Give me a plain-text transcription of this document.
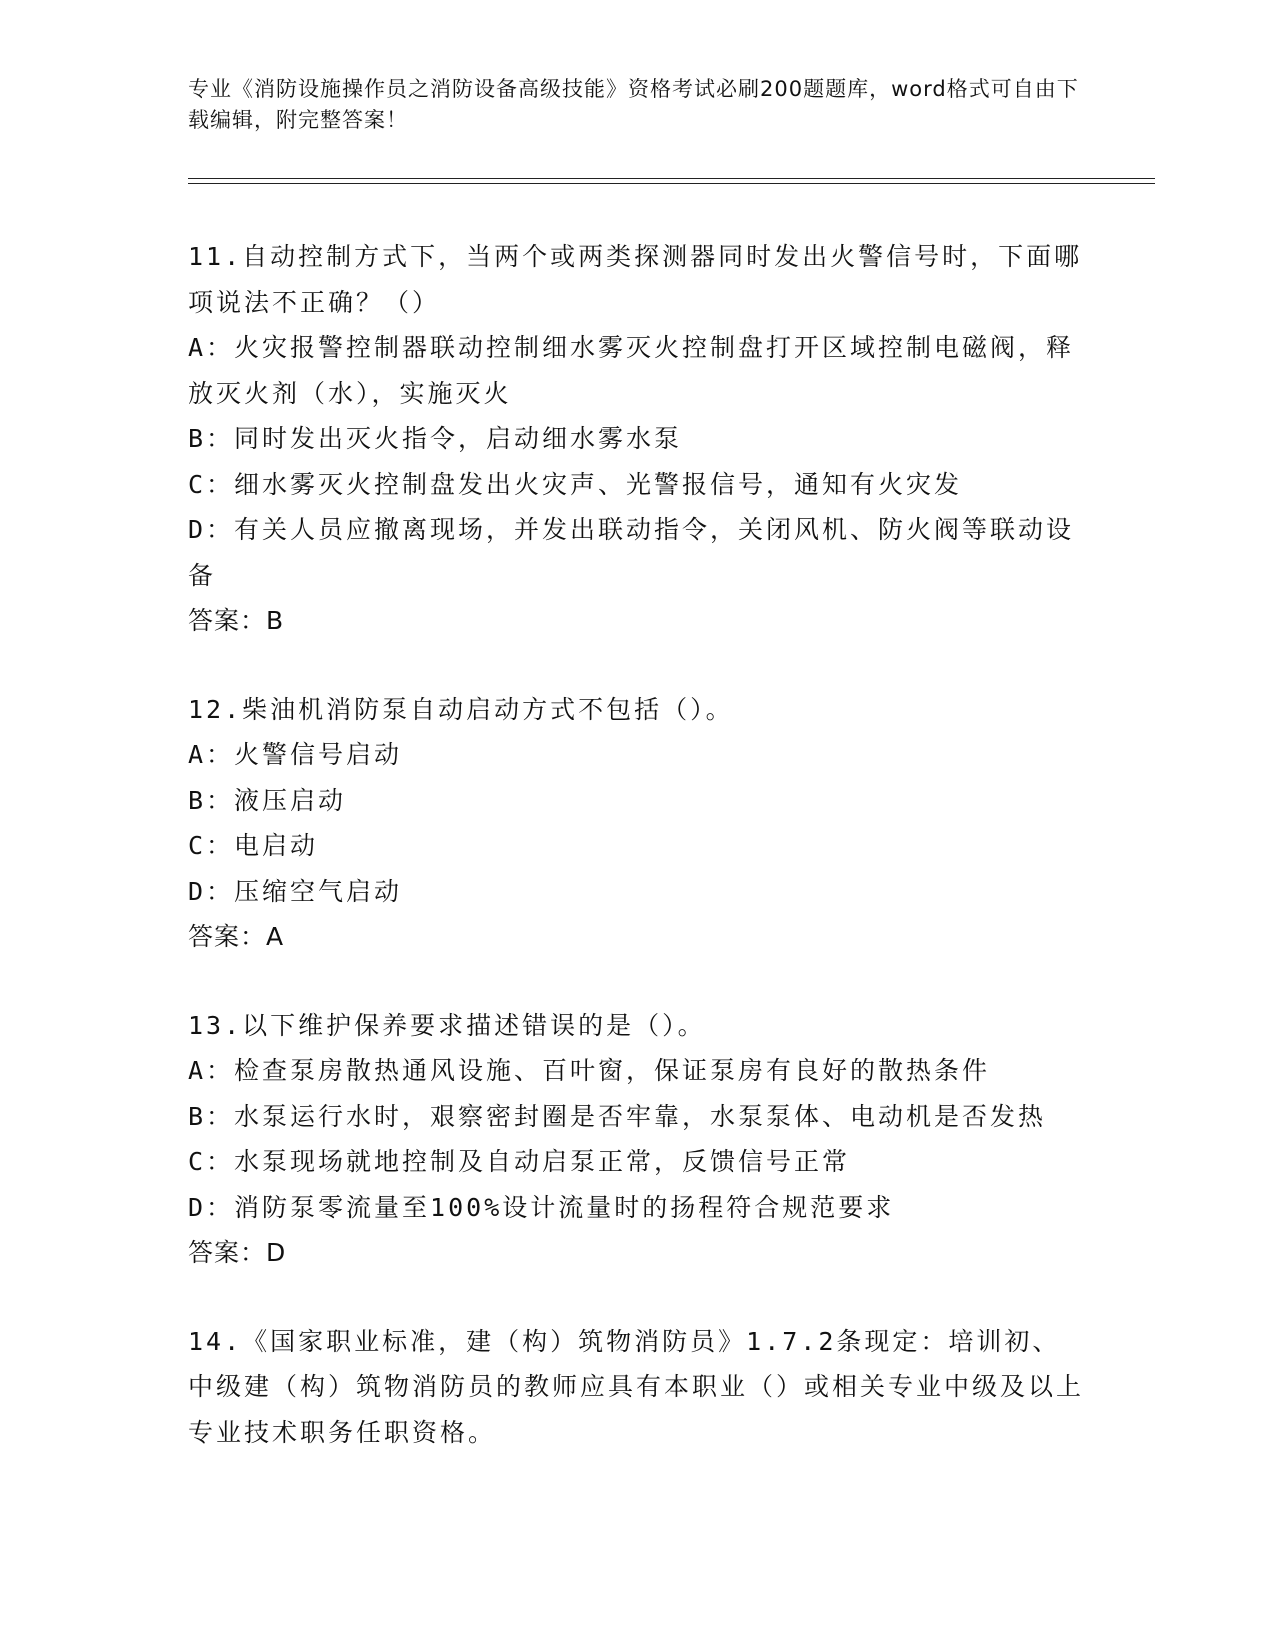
专业《消防设施操作员之消防设备高级技能》资格考试必刷200题题库，word格式可自由下载编辑，附完整答案！

11.自动控制方式下，当两个或两类探测器同时发出火警信号时，下面哪项说法不正确？（）

A：火灾报警控制器联动控制细水雾灭火控制盘打开区域控制电磁阀，释放灭火剂（水），实施灭火

B：同时发出灭火指令，启动细水雾水泵

C：细水雾灭火控制盘发出火灾声、光警报信号，通知有火灾发

D：有关人员应撤离现场，并发出联动指令，关闭风机、防火阀等联动设备

答案：B

12.柴油机消防泵自动启动方式不包括（）。

A：火警信号启动

B：液压启动

C：电启动

D：压缩空气启动

答案：A

13.以下维护保养要求描述错误的是（）。

A：检查泵房散热通风设施、百叶窗，保证泵房有良好的散热条件

B：水泵运行水时，艰察密封圈是否牢靠，水泵泵体、电动机是否发热

C：水泵现场就地控制及自动启泵正常，反馈信号正常

D：消防泵零流量至100%设计流量时的扬程符合规范要求

答案：D

14.《国家职业标准，建（构）筑物消防员》1.7.2条现定：培训初、中级建（构）筑物消防员的教师应具有本职业（）或相关专业中级及以上专业技术职务任职资格。
